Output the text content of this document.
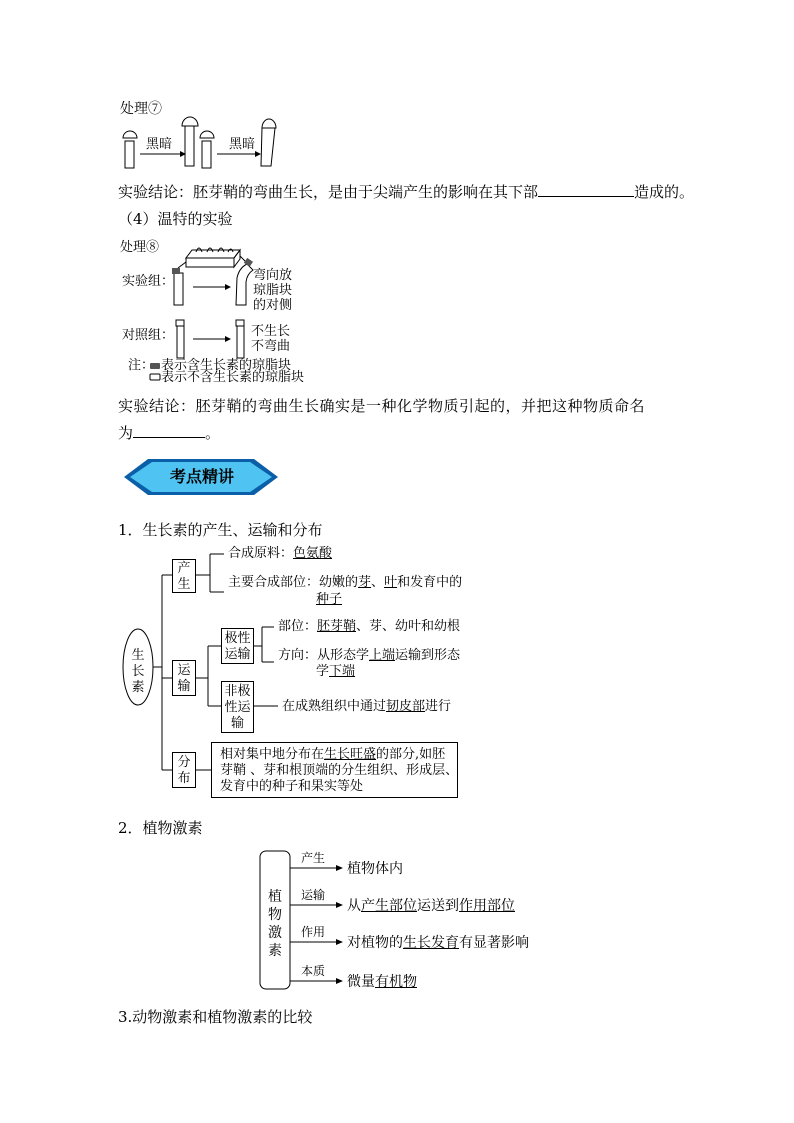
处理⑦
黑暗	黑暗
实验结论：胚芽鞘的弯曲生长，是由于尖端产生的影响在其下部	造成的。
（4）温特的实验
处理⑧
实验组：	弯向放
琼脂块
的对侧
对照组：	不生长
不弯曲
注： 表示含生长素的琼脂块
表示不含生长素的琼脂块
实验结论：胚芽鞘的弯曲生长确实是一种化学物质引起的，并把这种物质命名
为	。
考点精讲
1．生长素的产生、运输和分布
生
长
素
产
生
合成原料：色氨酸
主要合成部位：幼嫩的芽、叶和发育中的
种子
运
输
极性
运输
部位：胚芽鞘、芽、幼叶和幼根
方向：从形态学上端运输到形态
学下端
非极
性运
输
在成熟组织中通过韧皮部进行
分
布
相对集中地分布在生长旺盛的部分,如胚
芽鞘 、芽和根顶端的分生组织、形成层、
发育中的种子和果实等处
2．植物激素
植
物
激
素
产生
植物体内
运输
从产生部位运送到作用部位
作用
对植物的生长发育有显著影响
本质
微量有机物
3.动物激素和植物激素的比较
